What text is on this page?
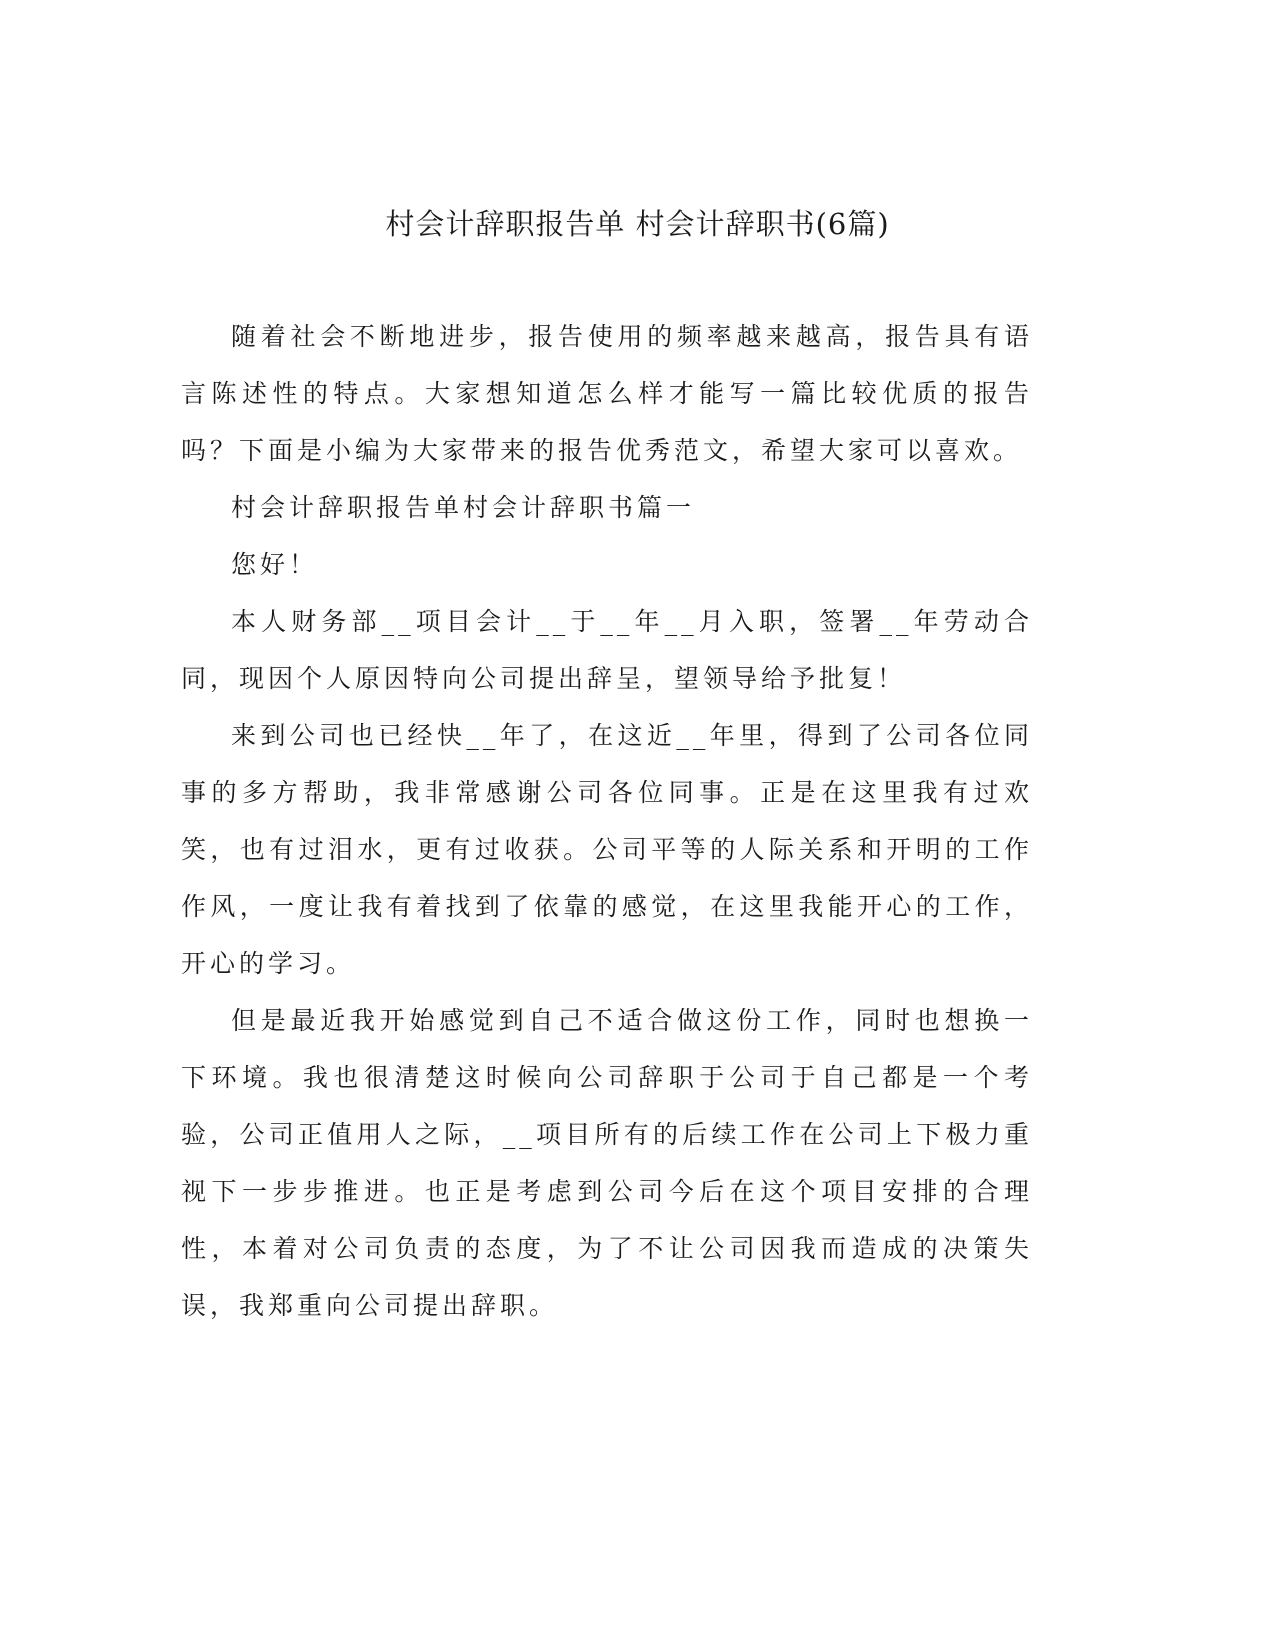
村会计辞职报告单 村会计辞职书(6篇)

随着社会不断地进步，报告使用的频率越来越高，报告具有语言陈述性的特点。大家想知道怎么样才能写一篇比较优质的报告吗？下面是小编为大家带来的报告优秀范文，希望大家可以喜欢。

村会计辞职报告单村会计辞职书篇一

您好！

本人财务部__项目会计__于__年__月入职，签署__年劳动合同，现因个人原因特向公司提出辞呈，望领导给予批复！

来到公司也已经快__年了，在这近__年里，得到了公司各位同事的多方帮助，我非常感谢公司各位同事。正是在这里我有过欢笑，也有过泪水，更有过收获。公司平等的人际关系和开明的工作作风，一度让我有着找到了依靠的感觉，在这里我能开心的工作，开心的学习。

但是最近我开始感觉到自己不适合做这份工作，同时也想换一下环境。我也很清楚这时候向公司辞职于公司于自己都是一个考验，公司正值用人之际，__项目所有的后续工作在公司上下极力重视下一步步推进。也正是考虑到公司今后在这个项目安排的合理性，本着对公司负责的态度，为了不让公司因我而造成的决策失误，我郑重向公司提出辞职。
